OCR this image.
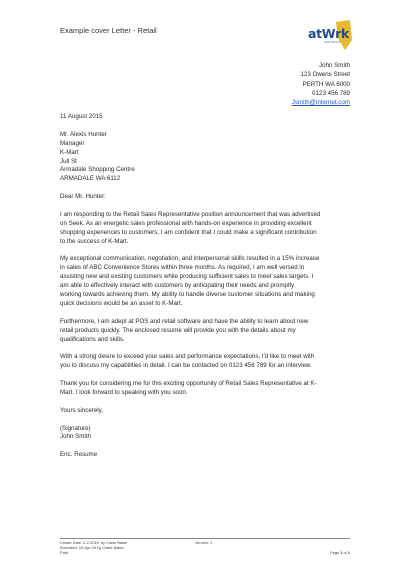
Example cover Letter - Retail	atWrk
AUSTRALIA
John Smith
123 Owens Street
PERTH WA 6000
0123 456 789
Jsmith@internet.com
11 August 2015
Mr. Alexis Hunter
Manager
K-Mart
Jull St
Armadale Shopping Centre
ARMADALE WA 6112
Dear Mr. Hunter:
I am responding to the Retail Sales Representative position announcement that was advertised
on Seek. As an energetic sales professional with hands-on experience in providing excellent
shopping experiences to customers, I am confident that I could make a significant contribution
to the success of K-Mart.
My exceptional communication, negotiation, and interpersonal skills resulted in a 15% increase
in sales of ABC Convenience Stores within three months. As required, I am well versed in
assisting new and existing customers while producing sufficient sales to meet sales targets. I
am able to effectively interact with customers by anticipating their needs and promptly
working towards achieving them. My ability to handle diverse customer situations and making
quick decisions would be an asset to K-Mart.
Furthermore, I am adept at POS and retail software and have the ability to learn about new
retail products quickly. The enclosed resume will provide you with the details about my
qualifications and skills.
With a strong desire to exceed your sales and performance expectations, I'd like to meet with
you to discuss my capabilities in detail. I can be contacted on 0123 456 789 for an interview.
Thank you for considering me for this exciting opportunity of Retail Sales Representative at K-
Mart. I look forward to speaking with you soon.
Yours sincerely,
(Signature)
John Smith
Enc. Resume
Create Date: 2-2-2015, by Claire Baker
Amended: 19-Apr-16 by Claire Baker
Path:
Version: 1
Page 1 of 1
